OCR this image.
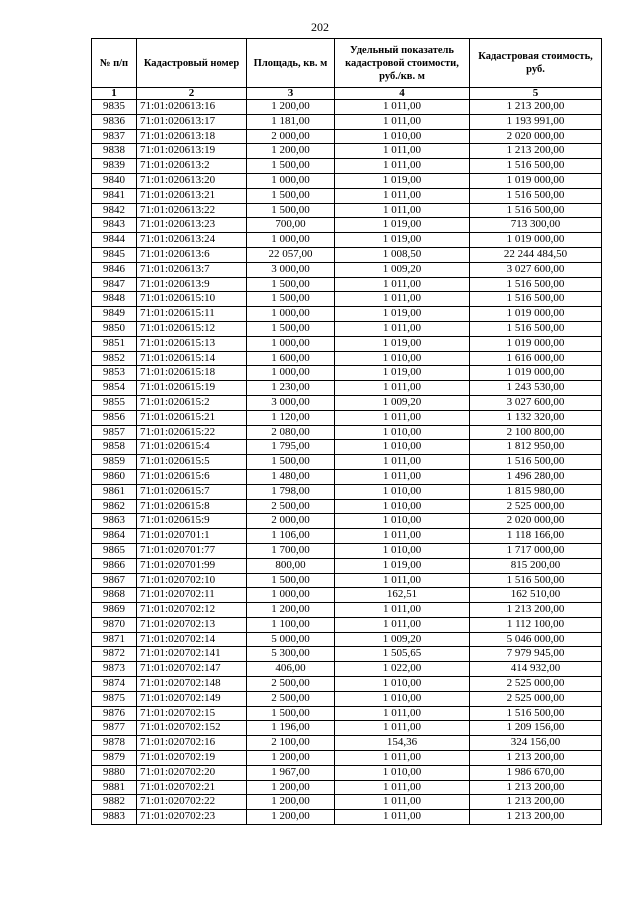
202
№ п/п	Кадастровый номер	Площадь, кв. м	Удельный показатель кадастровой стоимости, руб./кв. м	Кадастровая стоимость, руб.
1	2	3	4	5
9835	71:01:020613:16	1 200,00	1 011,00	1 213 200,00
9836	71:01:020613:17	1 181,00	1 011,00	1 193 991,00
9837	71:01:020613:18	2 000,00	1 010,00	2 020 000,00
9838	71:01:020613:19	1 200,00	1 011,00	1 213 200,00
9839	71:01:020613:2	1 500,00	1 011,00	1 516 500,00
9840	71:01:020613:20	1 000,00	1 019,00	1 019 000,00
9841	71:01:020613:21	1 500,00	1 011,00	1 516 500,00
9842	71:01:020613:22	1 500,00	1 011,00	1 516 500,00
9843	71:01:020613:23	700,00	1 019,00	713 300,00
9844	71:01:020613:24	1 000,00	1 019,00	1 019 000,00
9845	71:01:020613:6	22 057,00	1 008,50	22 244 484,50
9846	71:01:020613:7	3 000,00	1 009,20	3 027 600,00
9847	71:01:020613:9	1 500,00	1 011,00	1 516 500,00
9848	71:01:020615:10	1 500,00	1 011,00	1 516 500,00
9849	71:01:020615:11	1 000,00	1 019,00	1 019 000,00
9850	71:01:020615:12	1 500,00	1 011,00	1 516 500,00
9851	71:01:020615:13	1 000,00	1 019,00	1 019 000,00
9852	71:01:020615:14	1 600,00	1 010,00	1 616 000,00
9853	71:01:020615:18	1 000,00	1 019,00	1 019 000,00
9854	71:01:020615:19	1 230,00	1 011,00	1 243 530,00
9855	71:01:020615:2	3 000,00	1 009,20	3 027 600,00
9856	71:01:020615:21	1 120,00	1 011,00	1 132 320,00
9857	71:01:020615:22	2 080,00	1 010,00	2 100 800,00
9858	71:01:020615:4	1 795,00	1 010,00	1 812 950,00
9859	71:01:020615:5	1 500,00	1 011,00	1 516 500,00
9860	71:01:020615:6	1 480,00	1 011,00	1 496 280,00
9861	71:01:020615:7	1 798,00	1 010,00	1 815 980,00
9862	71:01:020615:8	2 500,00	1 010,00	2 525 000,00
9863	71:01:020615:9	2 000,00	1 010,00	2 020 000,00
9864	71:01:020701:1	1 106,00	1 011,00	1 118 166,00
9865	71:01:020701:77	1 700,00	1 010,00	1 717 000,00
9866	71:01:020701:99	800,00	1 019,00	815 200,00
9867	71:01:020702:10	1 500,00	1 011,00	1 516 500,00
9868	71:01:020702:11	1 000,00	162,51	162 510,00
9869	71:01:020702:12	1 200,00	1 011,00	1 213 200,00
9870	71:01:020702:13	1 100,00	1 011,00	1 112 100,00
9871	71:01:020702:14	5 000,00	1 009,20	5 046 000,00
9872	71:01:020702:141	5 300,00	1 505,65	7 979 945,00
9873	71:01:020702:147	406,00	1 022,00	414 932,00
9874	71:01:020702:148	2 500,00	1 010,00	2 525 000,00
9875	71:01:020702:149	2 500,00	1 010,00	2 525 000,00
9876	71:01:020702:15	1 500,00	1 011,00	1 516 500,00
9877	71:01:020702:152	1 196,00	1 011,00	1 209 156,00
9878	71:01:020702:16	2 100,00	154,36	324 156,00
9879	71:01:020702:19	1 200,00	1 011,00	1 213 200,00
9880	71:01:020702:20	1 967,00	1 010,00	1 986 670,00
9881	71:01:020702:21	1 200,00	1 011,00	1 213 200,00
9882	71:01:020702:22	1 200,00	1 011,00	1 213 200,00
9883	71:01:020702:23	1 200,00	1 011,00	1 213 200,00
